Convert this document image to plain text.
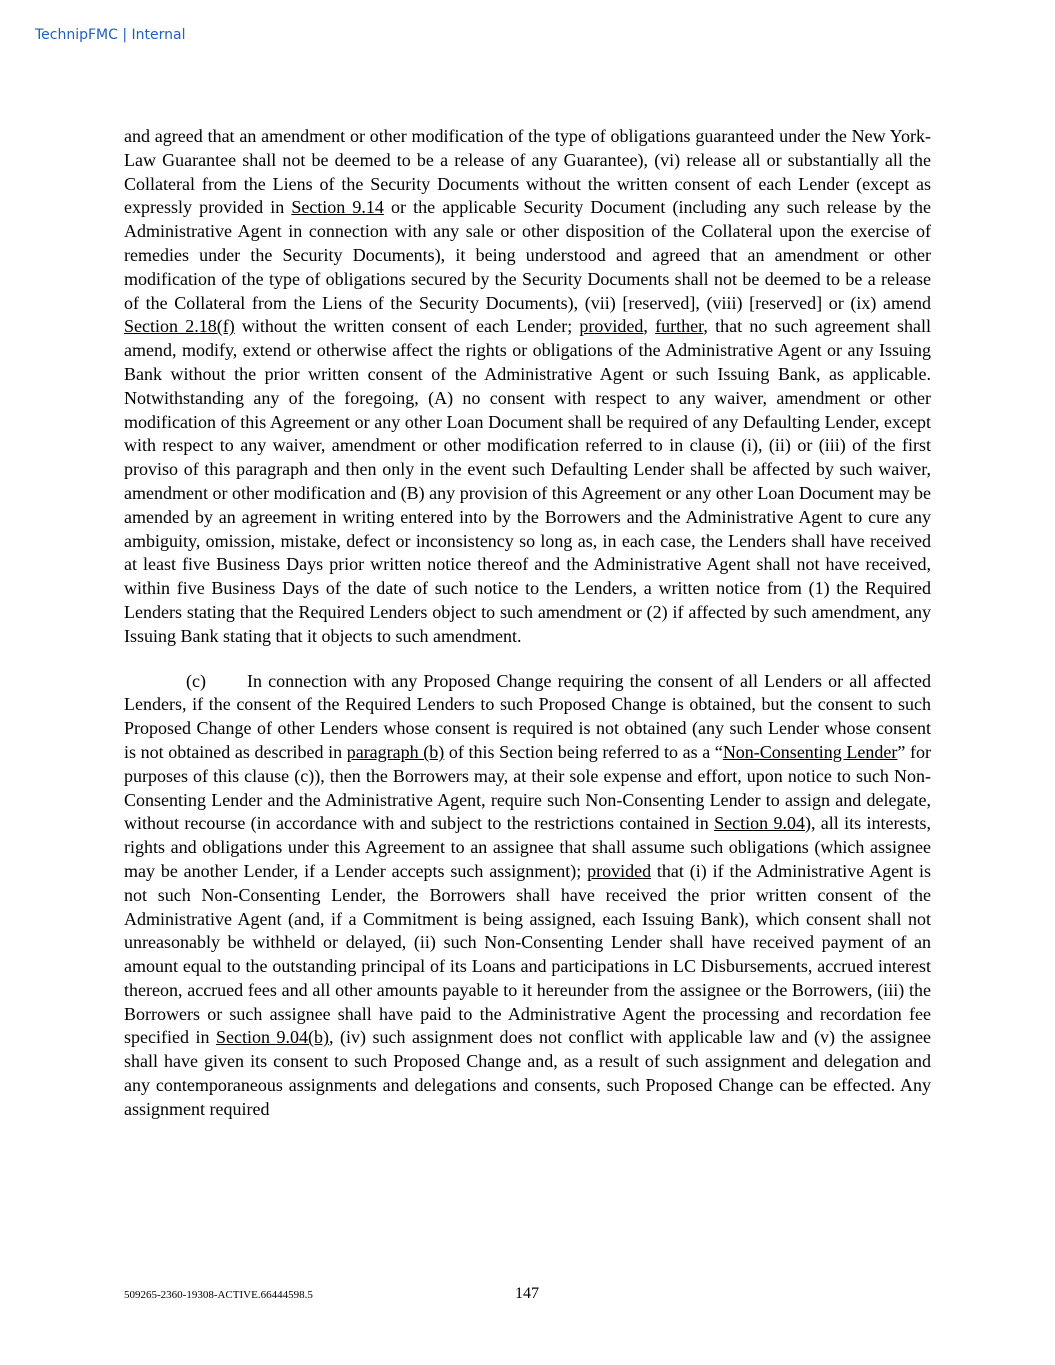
TechnipFMC | Internal

and agreed that an amendment or other modification of the type of obligations guaranteed under the New York-Law Guarantee shall not be deemed to be a release of any Guarantee), (vi) release all or substantially all the Collateral from the Liens of the Security Documents without the written consent of each Lender (except as expressly provided in Section 9.14 or the applicable Security Document (including any such release by the Administrative Agent in connection with any sale or other disposition of the Collateral upon the exercise of remedies under the Security Documents), it being understood and agreed that an amendment or other modification of the type of obligations secured by the Security Documents shall not be deemed to be a release of the Collateral from the Liens of the Security Documents), (vii) [reserved], (viii) [reserved] or (ix) amend Section 2.18(f) without the written consent of each Lender; provided, further, that no such agreement shall amend, modify, extend or otherwise affect the rights or obligations of the Administrative Agent or any Issuing Bank without the prior written consent of the Administrative Agent or such Issuing Bank, as applicable. Notwithstanding any of the foregoing, (A) no consent with respect to any waiver, amendment or other modification of this Agreement or any other Loan Document shall be required of any Defaulting Lender, except with respect to any waiver, amendment or other modification referred to in clause (i), (ii) or (iii) of the first proviso of this paragraph and then only in the event such Defaulting Lender shall be affected by such waiver, amendment or other modification and (B) any provision of this Agreement or any other Loan Document may be amended by an agreement in writing entered into by the Borrowers and the Administrative Agent to cure any ambiguity, omission, mistake, defect or inconsistency so long as, in each case, the Lenders shall have received at least five Business Days prior written notice thereof and the Administrative Agent shall not have received, within five Business Days of the date of such notice to the Lenders, a written notice from (1) the Required Lenders stating that the Required Lenders object to such amendment or (2) if affected by such amendment, any Issuing Bank stating that it objects to such amendment.

(c) In connection with any Proposed Change requiring the consent of all Lenders or all affected Lenders, if the consent of the Required Lenders to such Proposed Change is obtained, but the consent to such Proposed Change of other Lenders whose consent is required is not obtained (any such Lender whose consent is not obtained as described in paragraph (b) of this Section being referred to as a “Non-Consenting Lender” for purposes of this clause (c)), then the Borrowers may, at their sole expense and effort, upon notice to such Non-Consenting Lender and the Administrative Agent, require such Non-Consenting Lender to assign and delegate, without recourse (in accordance with and subject to the restrictions contained in Section 9.04), all its interests, rights and obligations under this Agreement to an assignee that shall assume such obligations (which assignee may be another Lender, if a Lender accepts such assignment); provided that (i) if the Administrative Agent is not such Non-Consenting Lender, the Borrowers shall have received the prior written consent of the Administrative Agent (and, if a Commitment is being assigned, each Issuing Bank), which consent shall not unreasonably be withheld or delayed, (ii) such Non-Consenting Lender shall have received payment of an amount equal to the outstanding principal of its Loans and participations in LC Disbursements, accrued interest thereon, accrued fees and all other amounts payable to it hereunder from the assignee or the Borrowers, (iii) the Borrowers or such assignee shall have paid to the Administrative Agent the processing and recordation fee specified in Section 9.04(b), (iv) such assignment does not conflict with applicable law and (v) the assignee shall have given its consent to such Proposed Change and, as a result of such assignment and delegation and any contemporaneous assignments and delegations and consents, such Proposed Change can be effected. Any assignment required

509265-2360-19308-ACTIVE.66444598.5	147
